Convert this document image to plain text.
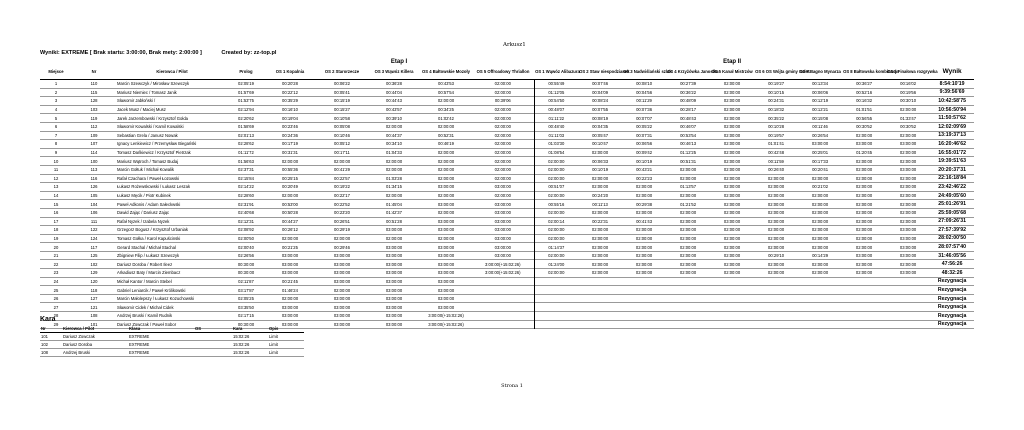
Arkusz1
Wyniki: EXTREME [ Brak startu: 3:00:00, Brak mety: 2:00:00 ]	Created by: zz-top.pl
				Etap I					Etap II									
Miejsce	Nr	Kierowca / Pilot	Prolog	OS 1 Kopalnia	OS 2 Starorzecze	OS 3 Wąwóz Killera	OS 4 Bałtowskie Mozoły	OS 5 Offroadowy Thriallon	OS 1 Wąwóz Alibazura	OS 2 Staw niespodzianek	OS 3 Nadwiślański szlak	OS 4 Krzyżówka Janosika	OS 5 Kanał Mistrzów	OS 6 OS Wójta gminy Solec	OS 7 Bagno Mynarza	OS 8 Bałtowska kombinacja	OS 9 Finałowa rozgrywka	Wynik
1	110	Marcin Szewczyk / Mirosław Szewczyk	02:05'19	00:20'28	00:06'22	00:36'28	00:43'53	02:00:00	00:55'49	00:07'46	00:08'10	00:27'39	02:00:00	00:19'27	00:13'34	00:36'27	00:16'02	8:54:10'19
2	115	Mariusz Niemiec / Tomasz Janik	01:57'69	00:22'12	00:05'41	00:44'04	00:57'54	02:00:00	01:12'05	00:04'09	00:04'56	00:36'22	02:00:00	00:10'15	00:06'06	00:52'16	00:19'56	9:39:56'69
3	128	Sławomir Jabłoński /	01:53'75	00:35'29	00:15'19	00:44'43	02:00:00	00:39'06	00:54'50	00:08'24	00:11'29	00:48'09	02:00:00	00:24'31	00:12'19	00:16'32	00:30'10	10:42:58'75
4	103	Jacek Musz / Maciej Musz	02:12'94	00:16'10	00:15'27	00:43'57	00:34'25	02:00:00	00:48'07	00:07'55	00:07'36	00:28'17	02:00:00	00:18'32	00:12'21	01:01'51	02:00:00	10:56:50'94
5	119	Jarek Jarzembowski / Krzysztof Gołda	02:20'62	00:19'04	00:10'58	00:39'10	01:02'42	02:00:00	01:11'22	00:08'19	00:07'07	00:48'43	02:00:00	00:35'22	00:15'08	00:56'55	01:33'47	11:50:57'62
6	112	Sławomir Kowalski / Kamil Kowalski	01:58'69	00:23'46	00:05'08	02:00:00	02:00:00	02:00:00	00:48'40	00:04'35	00:05'22	00:46'07	02:00:00	00:10'28	00:11'46	00:30'52	00:30'52	12:02:09'69
7	109	Sebastian Grela / Janusz Nowak	02:01'13	00:24'36	00:10'46	00:44'37	00:52'31	02:00:00	01:11'03	00:05'47	00:07'31	00:53'54	02:00:00	00:19'57	00:26'54	02:00:00	02:00:00	13:19:37'13
8	107	Ignacy Lenkiewicz / Przemysław Biegański	02:28'62	00:17'19	00:05'12	00:34'10	00:46'19	02:00:00	01:03'30	00:10'47	00:06'56	00:46'13	02:00:00	01:01'41	03:00:00	03:00:00	03:00:00	16:20:46'62
9	114	Tomasz Dańkiewicz / Krzysztof Pietrzak	01:11'72	00:31'31	00:17'11	01:04'33	02:00:00	02:00:00	01:08'54	02:00:00	00:09'42	01:12'25	02:00:00	00:42'48	00:25'01	01:20'45	02:00:00	16:55:01'72
10	100	Mariusz Wątroch / Tomasz Budaj	01:56'63	02:00:00	02:00:00	02:00:00	02:00:00	02:00:00	02:00:00	00:06'33	00:10'19	00:51'31	02:00:00	00:11'59	00:17'33	02:00:00	02:00:00	19:39:51'63
11	113	Marcin Gołtuk / Michał Kowalik	02:37'31	00:55'36	00:41'29	02:00:00	02:00:00	02:00:00	02:00:00	00:10'19	00:43'21	02:00:00	02:00:00	00:26'40	00:20'41	02:00:00	03:00:00	20:20:37'31
12	116	Rafał Czachara / Paweł Łozowski	02:15'84	00:25'15	00:22'57	01:03'28	02:00:00	02:00:00	02:00:00	02:00:00	00:22'23	02:00:00	02:00:00	02:00:00	02:00:00	02:00:00	02:00:00	22:16:18'84
13	126	Łukasz Rożewskowski / Łukasz Leszak	02:14'22	00:20'49	00:19'22	01:34'15	03:00:00	03:00:00	00:51'07	02:00:00	02:00:00	01:13'57	02:00:00	02:00:00	00:21'02	02:00:00	02:00:00	23:42:46'22
14	105	Łukasz Męcik / Piotr Kubinek	02:28'60	02:00:00	00:22'17	02:00:00	02:00:00	02:00:00	02:00:00	00:24'20	02:00:00	02:00:00	02:00:00	02:00:00	02:00:00	02:00:00	02:00:00	24:49:05'60
15	104	Paweł Adkonis / Adam Sałeckwski	02:31'91	00:53'00	00:22'52	01:45'04	03:00:00	03:00:00	00:55'16	00:11'13	00:29'38	01:21'52	02:00:00	02:00:00	02:00:00	02:00:00	02:00:00	25:01:26'91
16	106	Dawid Zając / Dariusz Zając	02:40'68	00:50'28	00:23'20	01:42'37	02:00:00	03:00:00	02:00:00	02:00:00	02:00:00	02:00:00	02:00:00	02:00:00	02:00:00	02:00:00	02:00:00	25:59:05'68
17	111	Rafał Nyzek / Izabela Nyzek	02:12'31	00:44'27	00:26'51	00:51'28	03:00:00	03:00:00	02:00:14	00:22'31	00:41'43	02:00:00	03:00:00	02:00:00	02:00:00	02:00:00	02:00:00	27:09:26'31
18	122	Grzegorz Bogusz / Krzysztof Urbaniak	02:08'92	00:26'12	00:29'19	03:00:00	03:00:00	03:00:00	02:00:00	02:00:00	02:00:00	02:00:00	02:00:00	02:00:00	02:00:00	02:00:00	03:00:00	27:57:39'92
19	124	Tomasz Gołka / Karol Kapuścinski	02:00'50	02:00:00	02:00:00	02:00:00	02:00:00	03:00:00	02:00:00	02:00:00	02:00:00	02:00:00	02:00:00	02:00:00	02:00:00	02:00:00	03:00:00	28:02:00'50
20	117	Gerard Stachal / Michał Stachal	02:00'40	00:21'25	00:29'46	03:00:00	03:00:00	03:00:00	01:14'37	02:00:00	02:00:00	02:00:00	02:00:00	02:00:00	02:00:00	02:00:00	03:00:00	28:07:57'40
21	125	Zbigniew Filip / Łukasz Szewczyk	02:26'56	03:00:00	03:00:00	03:00:00	03:00:00	03:00:00	02:00:00	02:00:00	02:00:00	02:00:00	02:00:00	00:29'10	00:14'29	03:00:00	03:00:00	31:46:05'56
22	102	Dariusz Doroba / Robert Ileez	00:30:00	03:00:00	03:00:00	03:00:00	03:00:00	3:00:00(+15:02:26)	01:24'00	02:00:00	02:00:00	02:00:00	02:00:00	02:00:00	02:00:00	02:00:00	02:00:00	47:56:26
23	129	Arkadiusz Baty / Marcin Ziembacz	00:30:00	03:00:00	03:00:00	03:00:00	03:00:00	3:00:00(+15:02:26)	02:00:00	02:00:00	02:00:00	02:00:00	02:00:00	02:00:00	02:00:00	02:00:00	03:00:00	48:32:26
24	120	Michał Kantor / Marcin Stebel	02:11'87	00:21'45	03:00:00	03:00:00	03:00:00											Rezygnacja
25	118	Gabriel Leniarcik / Paweł Królikowski	03:17'87	01:46'24	02:00:00	03:00:00	03:00:00											Rezygnacja
26	127	Marcin Małolepszy / Łukasz Kozuchowski	02:05'25	02:00:00	03:00:00	03:00:00	03:00:00											Rezygnacja
27	121	Sławomir Cidek / Michał Cidek	03:35'50	03:00:00	03:00:00	03:00:00	03:00:00											Rezygnacja
28	108	Andrzej Bruski / Kamil Rudnik	02:17'15	03:00:00	03:00:00	03:00:00	3:00:00(+15:02:26)											Rezygnacja
29	101	Dariusz Zowczak / Paweł Sobor	00:30:00	03:00:00	03:00:00	03:00:00	3:00:00(+15:02:26)											Rezygnacja
Kara
Nr	Kierowca / Pilot	Klasa	OS	Kara	Opis
101	Dariusz Zowczak	EXTREME		15:02:26	Limit
102	Dariusz Doroba	EXTREME		15:02:26	Limit
108	Andrzej Bruski	EXTREME		15:02:26	Limit
Strona 1
